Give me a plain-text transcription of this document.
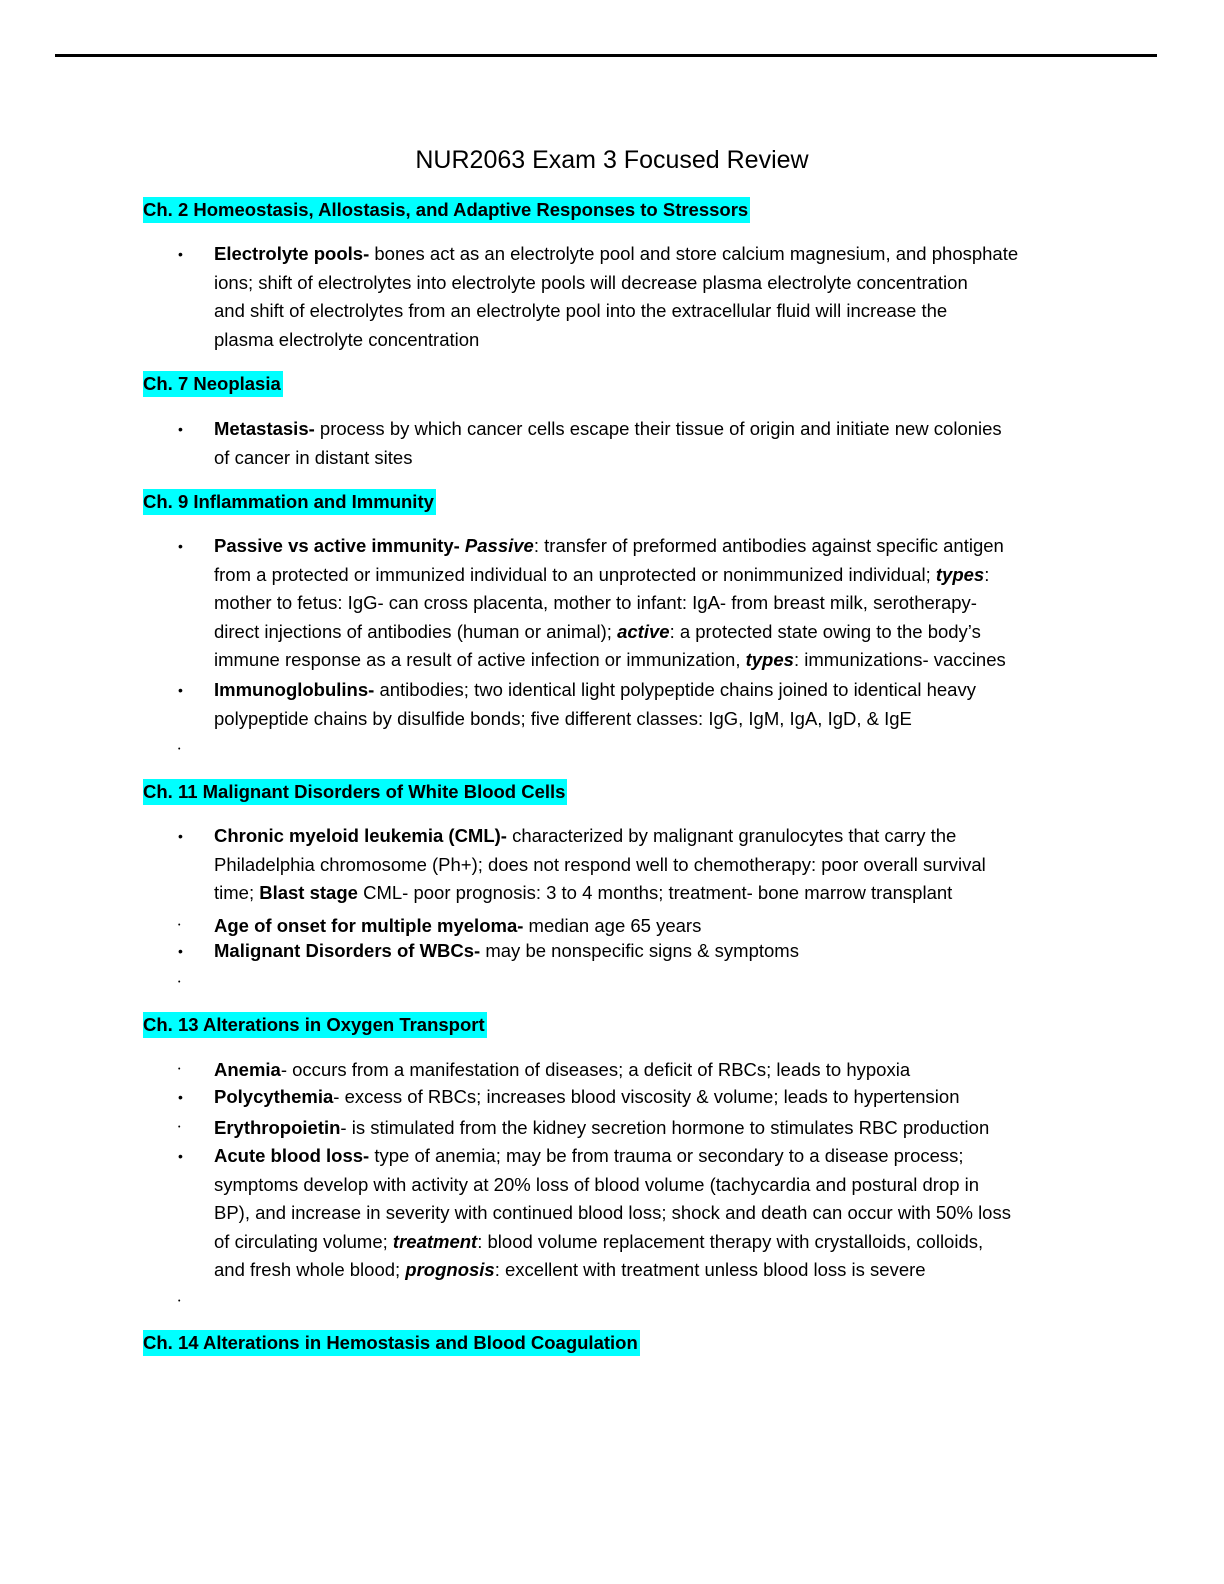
NUR2063 Exam 3 Focused Review
Ch. 2 Homeostasis, Allostasis, and Adaptive Responses to Stressors
• Electrolyte pools- bones act as an electrolyte pool and store calcium magnesium, and phosphate
ions; shift of electrolytes into electrolyte pools will decrease plasma electrolyte concentration
and shift of electrolytes from an electrolyte pool into the extracellular fluid will increase the
plasma electrolyte concentration
Ch. 7 Neoplasia
• Metastasis- process by which cancer cells escape their tissue of origin and initiate new colonies
of cancer in distant sites
Ch. 9 Inflammation and Immunity
• Passive vs active immunity- Passive: transfer of preformed antibodies against specific antigen
from a protected or immunized individual to an unprotected or nonimmunized individual; types:
mother to fetus: IgG- can cross placenta, mother to infant: IgA- from breast milk, serotherapy-
direct injections of antibodies (human or animal); active: a protected state owing to the body’s
immune response as a result of active infection or immunization, types: immunizations- vaccines
• Immunoglobulins- antibodies; two identical light polypeptide chains joined to identical heavy
polypeptide chains by disulfide bonds; five different classes: IgG, IgM, IgA, IgD, & IgE
•
Ch. 11 Malignant Disorders of White Blood Cells
• Chronic myeloid leukemia (CML)- characterized by malignant granulocytes that carry the
Philadelphia chromosome (Ph+); does not respond well to chemotherapy: poor overall survival
time; Blast stage CML- poor prognosis: 3 to 4 months; treatment- bone marrow transplant
• Age of onset for multiple myeloma- median age 65 years
• Malignant Disorders of WBCs- may be nonspecific signs & symptoms
•
Ch. 13 Alterations in Oxygen Transport
• Anemia- occurs from a manifestation of diseases; a deficit of RBCs; leads to hypoxia
• Polycythemia- excess of RBCs; increases blood viscosity & volume; leads to hypertension
• Erythropoietin- is stimulated from the kidney secretion hormone to stimulates RBC production
• Acute blood loss- type of anemia; may be from trauma or secondary to a disease process;
symptoms develop with activity at 20% loss of blood volume (tachycardia and postural drop in
BP), and increase in severity with continued blood loss; shock and death can occur with 50% loss
of circulating volume; treatment: blood volume replacement therapy with crystalloids, colloids,
and fresh whole blood; prognosis: excellent with treatment unless blood loss is severe
•
Ch. 14 Alterations in Hemostasis and Blood Coagulation
